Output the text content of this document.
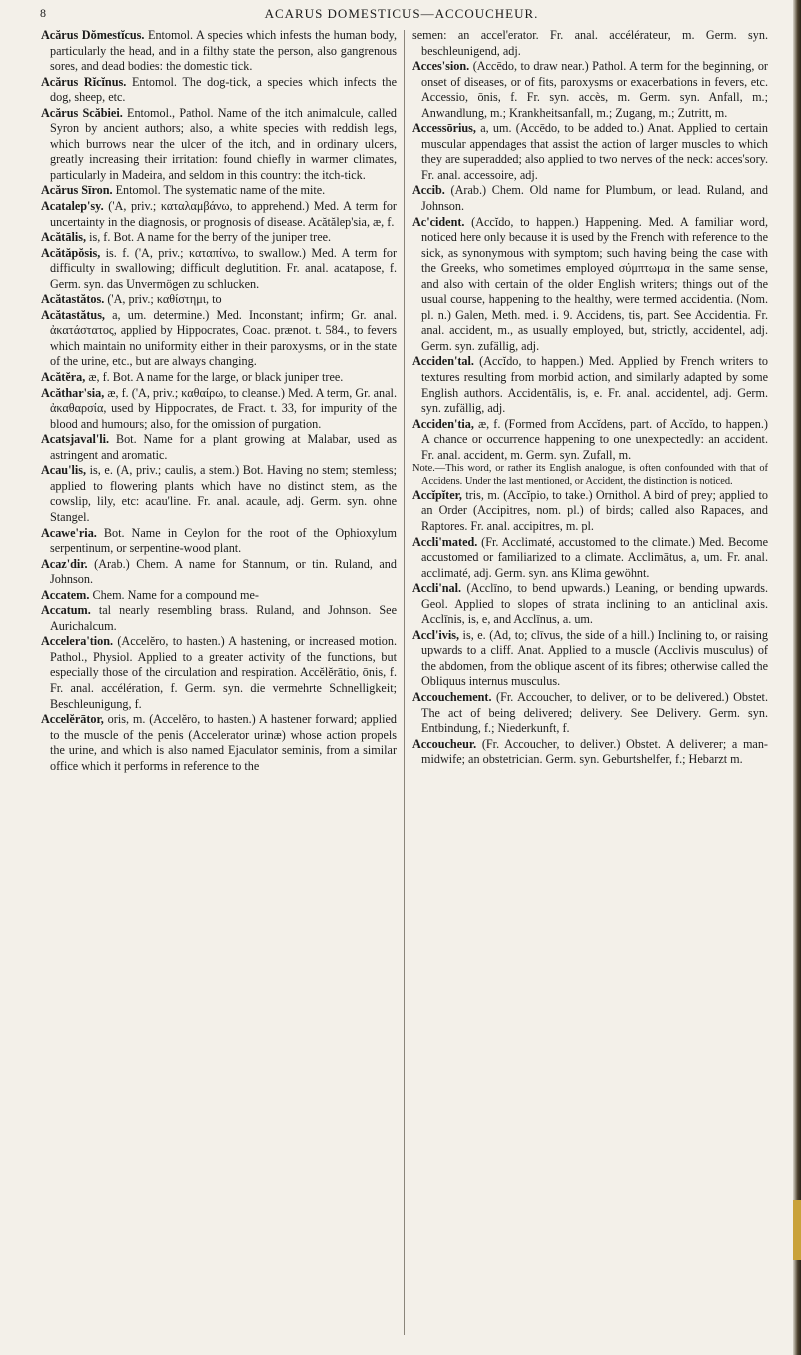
8	ACARUS DOMESTICUS—ACCOUCHEUR.

Acărus Dŏmestĭcus. Entomol. A species which infests the human body, particularly the head, and in a filthy state the person, also gangrenous sores, and dead bodies: the domestic tick.

Acărus Rĭcĭnus. Entomol. The dog-tick, a species which infects the dog, sheep, etc.

Acărus Scăbiei. Entomol., Pathol. Name of the itch animalcule, called Syron by ancient authors; also, a white species with reddish legs, which burrows near the ulcer of the itch, and in ordinary ulcers, greatly increasing their irritation: found chiefly in warmer climates, particularly in Madeira, and seldom in this country: the itch-tick.

Acărus Sīron. Entomol. The systematic name of the mite.

Acatalep'sy. ('A, priv.; καταλαμβάνω, to apprehend.) Med. A term for uncertainty in the diagnosis, or prognosis of disease. Acătălep'sia, æ, f.

Acătālis, is, f. Bot. A name for the berry of the juniper tree.

Acătăpŏsis, is. f. ('A, priv.; καταπίνω, to swallow.) Med. A term for difficulty in swallowing; difficult deglutition. Fr. anal. acatapose, f. Germ. syn. das Unvermögen zu schlucken.

Acătastătos. ('A, priv.; καθίστημι, to

Acătastătus, a, um. determine.) Med. Inconstant; infirm; Gr. anal. ἀκατάστατος, applied by Hippocrates, Coac. prænot. t. 584., to fevers which maintain no uniformity either in their paroxysms, or in the state of the urine, etc., but are always changing.

Acătĕra, æ, f. Bot. A name for the large, or black juniper tree.

Acăthar'sia, æ, f. ('A, priv.; καθαίρω, to cleanse.) Med. A term, Gr. anal. ἀκαθαρσία, used by Hippocrates, de Fract. t. 33, for impurity of the blood and humours; also, for the omission of purgation.

Acatsjaval'li. Bot. Name for a plant growing at Malabar, used as astringent and aromatic.

Acau'lis, is, e. (A, priv.; caulis, a stem.) Bot. Having no stem; stemless; applied to flowering plants which have no distinct stem, as the cowslip, lily, etc: acau'line. Fr. anal. acaule, adj. Germ. syn. ohne Stangel.

Acawe'ria. Bot. Name in Ceylon for the root of the Ophioxylum serpentinum, or serpentine-wood plant.

Acaz'dir. (Arab.) Chem. A name for Stannum, or tin. Ruland, and Johnson.

Accatem. Chem. Name for a compound me-

Accatum. tal nearly resembling brass. Ruland, and Johnson. See Aurichalcum.

Accelera'tion. (Accelĕro, to hasten.) A hastening, or increased motion. Pathol., Physiol. Applied to a greater activity of the functions, but especially those of the circulation and respiration. Accĕlĕrātio, ōnis, f. Fr. anal. accélération, f. Germ. syn. die vermehrte Schnelligkeit; Beschleunigung, f.

Accelĕrātor, oris, m. (Accelĕro, to hasten.) A hastener forward; applied to the muscle of the penis (Accelerator urinæ) whose action propels the urine, and which is also named Ejaculator seminis, from a similar office which it performs in reference to the

semen: an accel'erator. Fr. anal. accélérateur, m. Germ. syn. beschleunigend, adj.

Acces'sion. (Accēdo, to draw near.) Pathol. A term for the beginning, or onset of diseases, or of fits, paroxysms or exacerbations in fevers, etc. Accessio, ōnis, f. Fr. syn. accès, m. Germ. syn. Anfall, m.; Anwandlung, m.; Krankheitsanfall, m.; Zugang, m.; Zutritt, m.

Accessōrius, a, um. (Accēdo, to be added to.) Anat. Applied to certain muscular appendages that assist the action of larger muscles to which they are superadded; also applied to two nerves of the neck: acces'sory. Fr. anal. accessoire, adj.

Accib. (Arab.) Chem. Old name for Plumbum, or lead. Ruland, and Johnson.

Ac'cident. (Accĭdo, to happen.) Happening. Med. A familiar word, noticed here only because it is used by the French with reference to the sick, as synonymous with symptom; such having being the case with the Greeks, who sometimes employed σύμπτωμα in the same sense, and also with certain of the older English writers; things out of the usual course, happening to the healthy, were termed accidentia. (Nom. pl. n.) Galen, Meth. med. i. 9. Accidens, tis, part. See Accidentia. Fr. anal. accident, m., as usually employed, but, strictly, accidentel, adj. Germ. syn. zufällig, adj.

Acciden'tal. (Accĭdo, to happen.) Med. Applied by French writers to textures resulting from morbid action, and similarly adapted by some English authors. Accidentālis, is, e. Fr. anal. accidentel, adj. Germ. syn. zufällig, adj.

Acciden'tia, æ, f. (Formed from Accĭdens, part. of Accĭdo, to happen.) A chance or occurrence happening to one unexpectedly: an accident. Fr. anal. accident, m. Germ. syn. Zufall, m.

Note.—This word, or rather its English analogue, is often confounded with that of Accidens. Under the last mentioned, or Accident, the distinction is noticed.

Accĭpĭter, tris, m. (Accĭpio, to take.) Ornithol. A bird of prey; applied to an Order (Accipitres, nom. pl.) of birds; called also Rapaces, and Raptores. Fr. anal. accipitres, m. pl.

Accli'mated. (Fr. Acclimaté, accustomed to the climate.) Med. Become accustomed or familiarized to a climate. Acclimātus, a, um. Fr. anal. acclimaté, adj. Germ. syn. ans Klima gewöhnt.

Accli'nal. (Acclīno, to bend upwards.) Leaning, or bending upwards. Geol. Applied to slopes of strata inclining to an anticlinal axis. Acclīnis, is, e, and Acclīnus, a. um.

Accl'ivis, is, e. (Ad, to; clīvus, the side of a hill.) Inclining to, or raising upwards to a cliff. Anat. Applied to a muscle (Acclivis musculus) of the abdomen, from the oblique ascent of its fibres; otherwise called the Obliquus internus musculus.

Accouchement. (Fr. Accoucher, to deliver, or to be delivered.) Obstet. The act of being delivered; delivery. See Delivery. Germ. syn. Entbindung, f.; Niederkunft, f.

Accoucheur. (Fr. Accoucher, to deliver.) Obstet. A deliverer; a man-midwife; an obstetrician. Germ. syn. Geburtshelfer, f.; Hebarzt m.
